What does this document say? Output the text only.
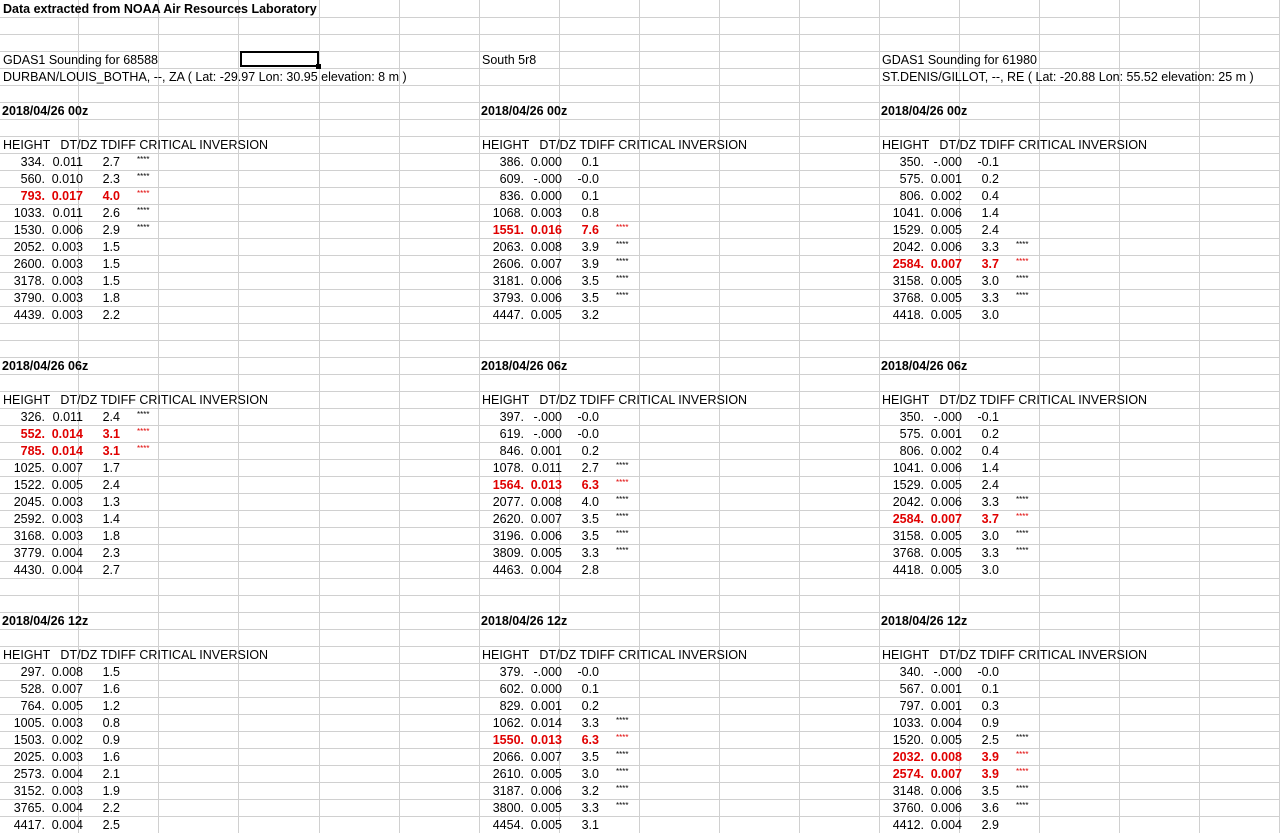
Data extracted from NOAA Air Resources Laboratory
GDAS1 Sounding for 68588
DURBAN/LOUIS_BOTHA, --, ZA ( Lat: -29.97 Lon: 30.95 elevation: 8 m )
2018/04/26 00z
HEIGHT   DT/DZ TDIFF CRITICAL INVERSION
334. 0.011 2.7 ****
560. 0.010 2.3 ****
793. 0.017 4.0 ****
1033. 0.011 2.6 ****
1530. 0.006 2.9 ****
2052. 0.003 1.5
2600. 0.003 1.5
3178. 0.003 1.5
3790. 0.003 1.8
4439. 0.003 2.2
2018/04/26 06z
HEIGHT   DT/DZ TDIFF CRITICAL INVERSION
326. 0.011 2.4 ****
552. 0.014 3.1 ****
785. 0.014 3.1 ****
1025. 0.007 1.7
1522. 0.005 2.4
2045. 0.003 1.3
2592. 0.003 1.4
3168. 0.003 1.8
3779. 0.004 2.3
4430. 0.004 2.7
2018/04/26 12z
HEIGHT   DT/DZ TDIFF CRITICAL INVERSION
297. 0.008 1.5
528. 0.007 1.6
764. 0.005 1.2
1005. 0.003 0.8
1503. 0.002 0.9
2025. 0.003 1.6
2573. 0.004 2.1
3152. 0.003 1.9
3765. 0.004 2.2
4417. 0.004 2.5
South 5r8
2018/04/26 00z
HEIGHT   DT/DZ TDIFF CRITICAL INVERSION
386. 0.000 0.1
609. -.000 -0.0
836. 0.000 0.1
1068. 0.003 0.8
1551. 0.016 7.6 ****
2063. 0.008 3.9 ****
2606. 0.007 3.9 ****
3181. 0.006 3.5 ****
3793. 0.006 3.5 ****
4447. 0.005 3.2
2018/04/26 06z
HEIGHT   DT/DZ TDIFF CRITICAL INVERSION
397. -.000 -0.0
619. -.000 -0.0
846. 0.001 0.2
1078. 0.011 2.7 ****
1564. 0.013 6.3 ****
2077. 0.008 4.0 ****
2620. 0.007 3.5 ****
3196. 0.006 3.5 ****
3809. 0.005 3.3 ****
4463. 0.004 2.8
2018/04/26 12z
HEIGHT   DT/DZ TDIFF CRITICAL INVERSION
379. -.000 -0.0
602. 0.000 0.1
829. 0.001 0.2
1062. 0.014 3.3 ****
1550. 0.013 6.3 ****
2066. 0.007 3.5 ****
2610. 0.005 3.0 ****
3187. 0.006 3.2 ****
3800. 0.005 3.3 ****
4454. 0.005 3.1
GDAS1 Sounding for 61980
ST.DENIS/GILLOT, --, RE ( Lat: -20.88 Lon: 55.52 elevation: 25 m )
2018/04/26 00z
HEIGHT   DT/DZ TDIFF CRITICAL INVERSION
350. -.000 -0.1
575. 0.001 0.2
806. 0.002 0.4
1041. 0.006 1.4
1529. 0.005 2.4
2042. 0.006 3.3 ****
2584. 0.007 3.7 ****
3158. 0.005 3.0 ****
3768. 0.005 3.3 ****
4418. 0.005 3.0
2018/04/26 06z
HEIGHT   DT/DZ TDIFF CRITICAL INVERSION
350. -.000 -0.1
575. 0.001 0.2
806. 0.002 0.4
1041. 0.006 1.4
1529. 0.005 2.4
2042. 0.006 3.3 ****
2584. 0.007 3.7 ****
3158. 0.005 3.0 ****
3768. 0.005 3.3 ****
4418. 0.005 3.0
2018/04/26 12z
HEIGHT   DT/DZ TDIFF CRITICAL INVERSION
340. -.000 -0.0
567. 0.001 0.1
797. 0.001 0.3
1033. 0.004 0.9
1520. 0.005 2.5 ****
2032. 0.008 3.9 ****
2574. 0.007 3.9 ****
3148. 0.006 3.5 ****
3760. 0.006 3.6 ****
4412. 0.004 2.9
